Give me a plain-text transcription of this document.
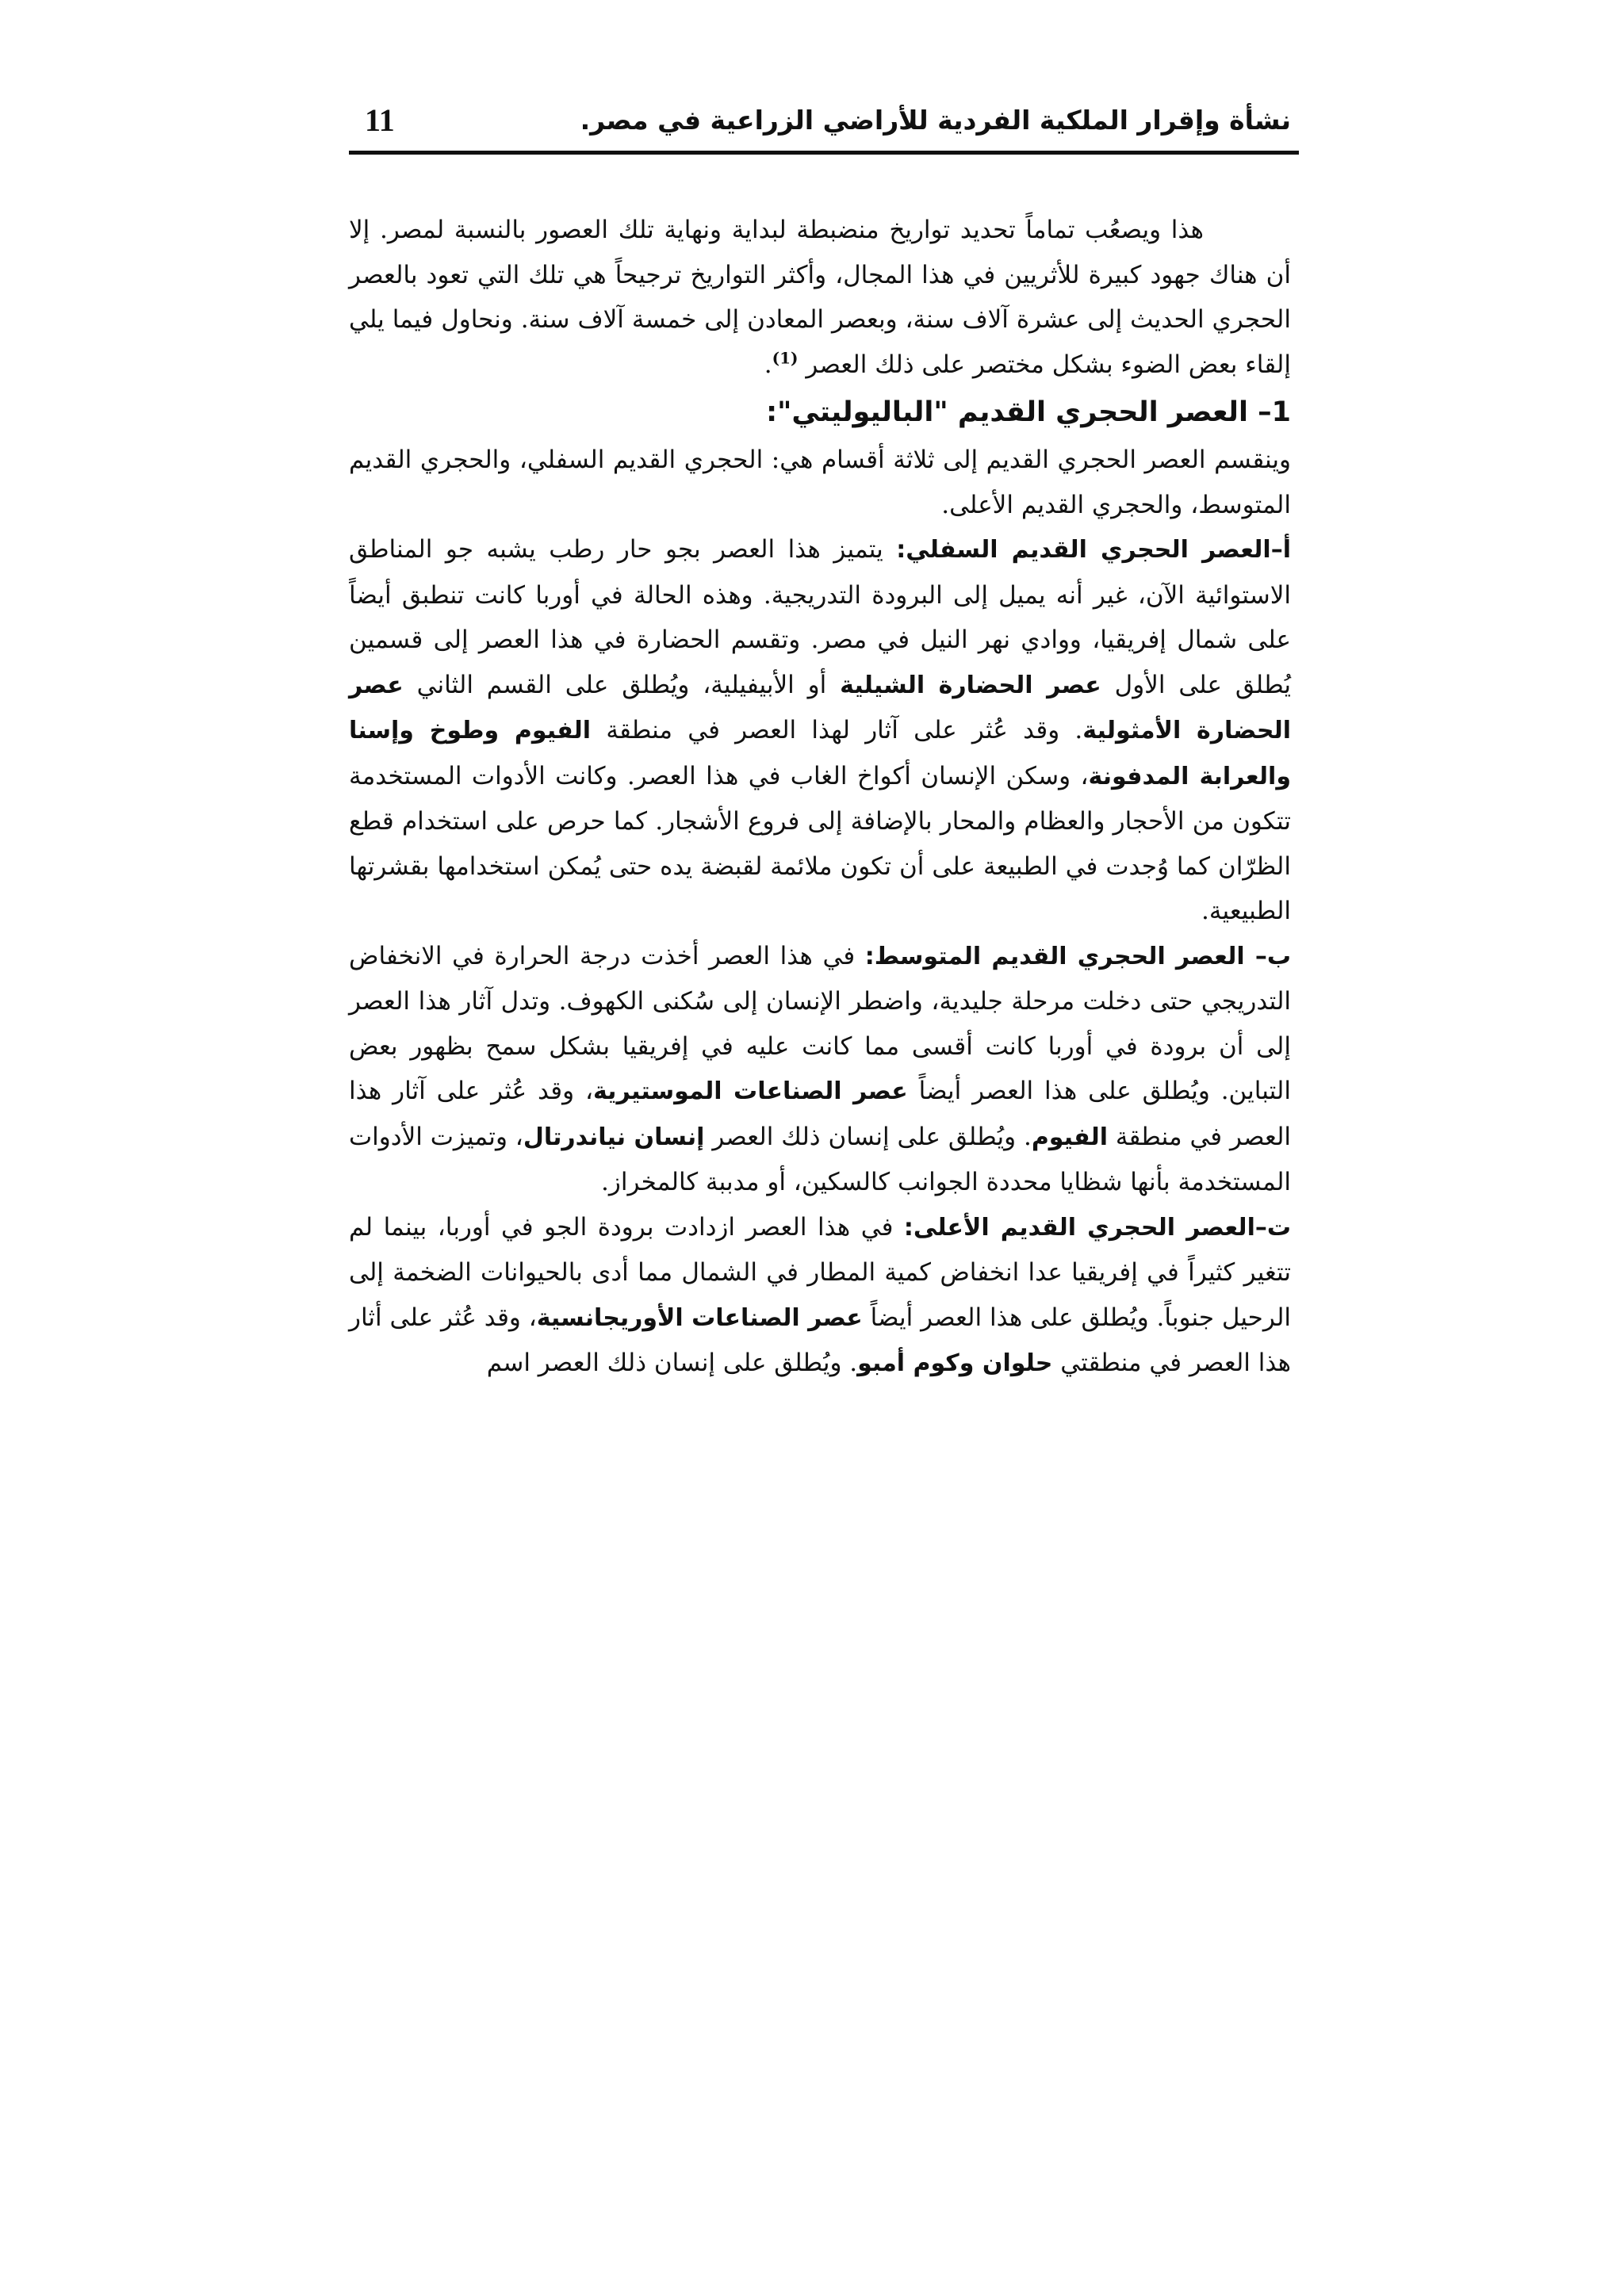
نشأة وإقرار الملكية الفردية للأراضي الزراعية في مصر.
11

هذا ويصعُب تماماً تحديد تواريخ منضبطة لبداية ونهاية تلك العصور بالنسبة لمصر. إلا أن هناك جهود كبيرة للأثريين في هذا المجال، وأكثر التواريخ ترجيحاً هي تلك التي تعود بالعصر الحجري الحديث إلى عشرة آلاف سنة، وبعصر المعادن إلى خمسة آلاف سنة. ونحاول فيما يلي إلقاء بعض الضوء بشكل مختصر على ذلك العصر $^{(1)}$.

1– العصر الحجري القديم "الباليوليتي":

وينقسم العصر الحجري القديم إلى ثلاثة أقسام هي: الحجري القديم السفلي، والحجري القديم المتوسط، والحجري القديم الأعلى.

أ–العصر الحجري القديم السفلي: يتميز هذا العصر بجو حار رطب يشبه جو المناطق الاستوائية الآن، غير أنه يميل إلى البرودة التدريجية. وهذه الحالة في أوربا كانت تنطبق أيضاً على شمال إفريقيا، ووادي نهر النيل في مصر. وتقسم الحضارة في هذا العصر إلى قسمين يُطلق على الأول عصر الحضارة الشيلية أو الأبيفيلية، ويُطلق على القسم الثاني عصر الحضارة الأمثولية. وقد عُثر على آثار لهذا العصر في منطقة الفيوم وطوخ وإسنا والعرابة المدفونة، وسكن الإنسان أكواخ الغاب في هذا العصر. وكانت الأدوات المستخدمة تتكون من الأحجار والعظام والمحار بالإضافة إلى فروع الأشجار. كما حرص على استخدام قطع الظرّان كما وُجدت في الطبيعة على أن تكون ملائمة لقبضة يده حتى يُمكن استخدامها بقشرتها الطبيعية.

ب– العصر الحجري القديم المتوسط: في هذا العصر أخذت درجة الحرارة في الانخفاض التدريجي حتى دخلت مرحلة جليدية، واضطر الإنسان إلى سُكنى الكهوف. وتدل آثار هذا العصر إلى أن برودة في أوربا كانت أقسى مما كانت عليه في إفريقيا بشكل سمح بظهور بعض التباين. ويُطلق على هذا العصر أيضاً عصر الصناعات الموستيرية، وقد عُثر على آثار هذا العصر في منطقة الفيوم. ويُطلق على إنسان ذلك العصر إنسان نياندرتال، وتميزت الأدوات المستخدمة بأنها شظايا محددة الجوانب كالسكين، أو مدببة كالمخراز.

ت–العصر الحجري القديم الأعلى: في هذا العصر ازدادت برودة الجو في أوربا، بينما لم تتغير كثيراً في إفريقيا عدا انخفاض كمية المطار في الشمال مما أدى بالحيوانات الضخمة إلى الرحيل جنوباً. ويُطلق على هذا العصر أيضاً عصر الصناعات الأوريجانسية، وقد عُثر على أثار هذا العصر في منطقتي حلوان وكوم أمبو. ويُطلق على إنسان ذلك العصر اسم
